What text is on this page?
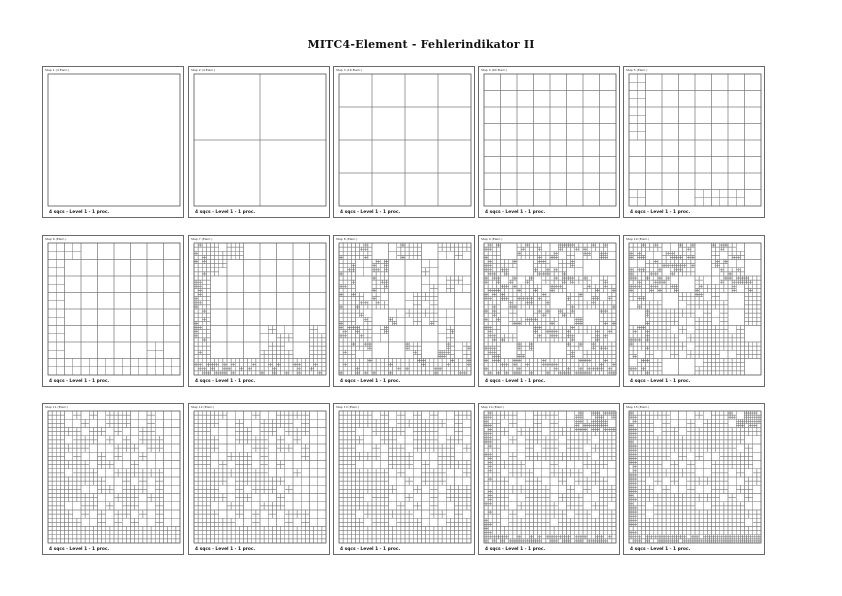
MITC4-Element - Fehlerindikator II
Step 1 (4 Elem.)
4 sqcs - Level 1 - 1 proc.
Step 2 (4 Elem.)
4 sqcs - Level 1 - 1 proc.
Step 3 (16 Elem.)
4 sqcs - Level 1 - 1 proc.
Step 4 (64 Elem.)
4 sqcs - Level 1 - 1 proc.
Step 5 (Elem.)
4 sqcs - Level 1 - 1 proc.
Step 6 (Elem.)
4 sqcs - Level 1 - 1 proc.
Step 7 (Elem.)
4 sqcs - Level 1 - 1 proc.
Step 8 (Elem.)
4 sqcs - Level 1 - 1 proc.
Step 9 (Elem.)
4 sqcs - Level 1 - 1 proc.
Step 10 (Elem.)
4 sqcs - Level 1 - 1 proc.
Step 11 (Elem.)
4 sqcs - Level 1 - 1 proc.
Step 12 (Elem.)
4 sqcs - Level 1 - 1 proc.
Step 13 (Elem.)
4 sqcs - Level 1 - 1 proc.
Step 14 (Elem.)
4 sqcs - Level 1 - 1 proc.
Step 15 (Elem.)
4 sqcs - Level 1 - 1 proc.
